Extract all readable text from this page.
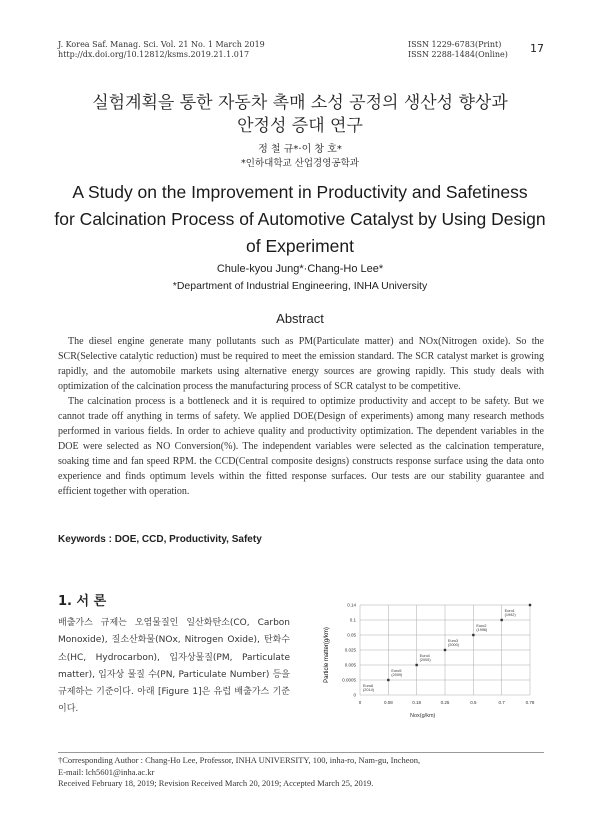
J. Korea Saf. Manag. Sci. Vol. 21 No. 1 March 2019
http://dx.doi.org/10.12812/ksms.2019.21.1.017
ISSN 1229-6783(Print)
ISSN 2288-1484(Online) 17
실험계획을 통한 자동차 촉매 소성 공정의 생산성 향상과
안정성 증대 연구
정 철 규*·이 창 호*
*인하대학교 산업경영공학과
A Study on the Improvement in Productivity and Safetiness
for Calcination Process of Automotive Catalyst by Using Design
of Experiment
Chule-kyou Jung*·Chang-Ho Lee*
*Department of Industrial Engineering, INHA University
Abstract

The diesel engine generate many pollutants such as PM(Particulate matter) and NOx(Nitrogen oxide). So the SCR(Selective catalytic reduction) must be required to meet the emission standard. The SCR catalyst market is growing rapidly, and the automobile markets using alternative energy sources are growing rapidly. This study deals with optimization of the calcination process the manufacturing process of SCR catalyst to be competitive.

The calcination process is a bottleneck and it is required to optimize productivity and accept to be safety. But we cannot trade off anything in terms of safety. We applied DOE(Design of experiments) among many research methods performed in various fields. In order to achieve quality and productivity optimization. The dependent variables in the DOE were selected as NO Conversion(%). The independent variables were selected as the calcination temperature, soaking time and fan speed RPM. the CCD(Central composite designs) constructs response surface using the data onto experience and finds optimum levels within the fitted response surfaces. Our tests are our stability guarantee and efficient together with operation.

Keywords : DOE, CCD, Productivity, Safety
1. 서 론
배출가스 규제는 오염물질인 일산화탄소(CO, Carbon Monoxide), 질소산화물(NOx, Nitrogen Oxide), 탄화수소(HC, Hydrocarbon), 입자상물질(PM, Particulate matter), 입자상 물질 수(PN, Particulate Number) 등을 규제하는 기준이다. 아래 [Figure 1]은 유럽 배출가스 기준이다.
0	0.08	0.18	0.25	0.5	0.7	0.78
0
0.0005
0.005
0.025
0.05
0.1
0.14
Euro6
(2014)
Euro5
(2009)
Euro4
(2005)
Euro3
(2000)
Euro2
(1996)
Euro1
(1992)
Particle matter(g/km)
Nox(g/km)
†Corresponding Author : Chang-Ho Lee, Professor, INHA UNIVERSITY, 100, inha-ro, Nam-gu, Incheon,
E-mail: lch5601@inha.ac.kr
Received February 18, 2019; Revision Received March 20, 2019; Accepted March 25, 2019.
